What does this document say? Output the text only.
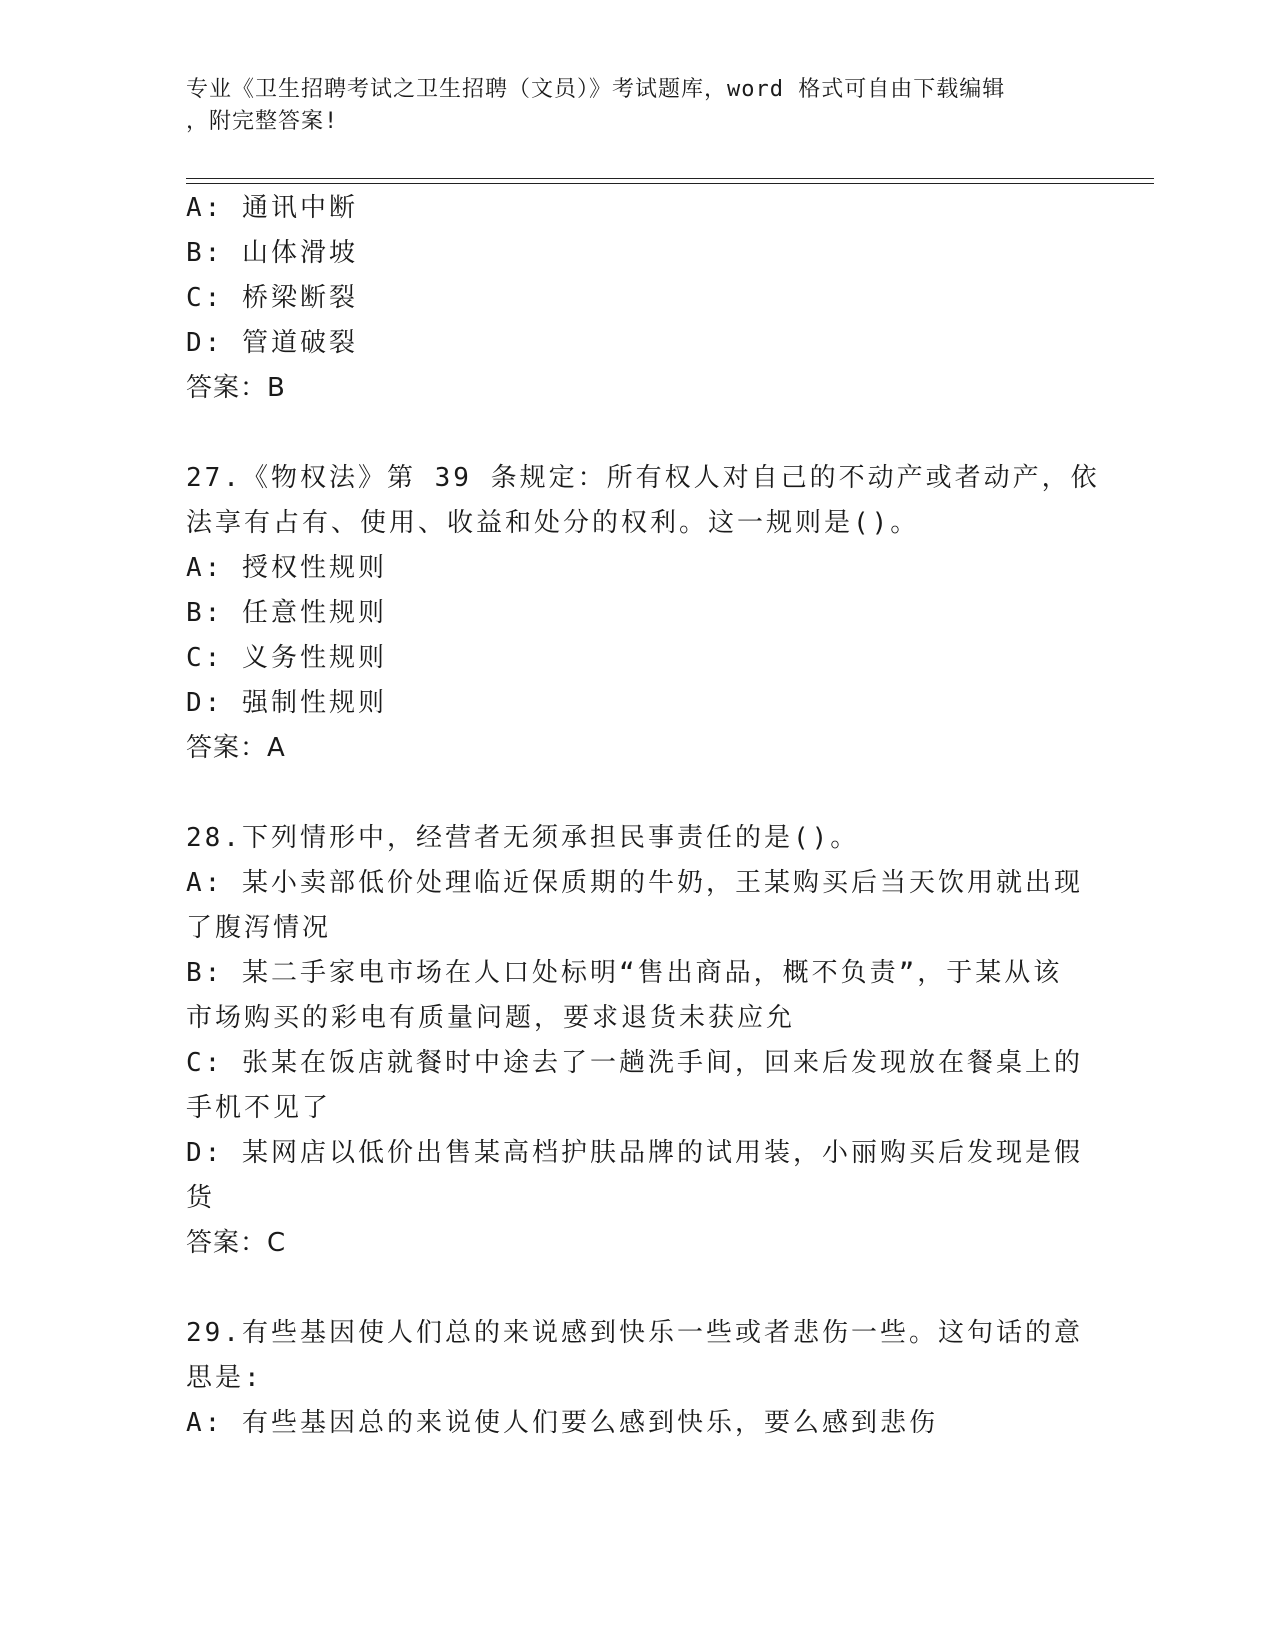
专业《卫生招聘考试之卫生招聘（文员）》考试题库，word 格式可自由下载编辑
，附完整答案!
A: 通讯中断
B: 山体滑坡
C: 桥梁断裂
D: 管道破裂
答案：B
27.《物权法》第 39 条规定：所有权人对自己的不动产或者动产，依
法享有占有、使用、收益和处分的权利。这一规则是()。
A: 授权性规则
B: 任意性规则
C: 义务性规则
D: 强制性规则
答案：A
28.下列情形中，经营者无须承担民事责任的是()。
A: 某小卖部低价处理临近保质期的牛奶，王某购买后当天饮用就出现
了腹泻情况
B: 某二手家电市场在人口处标明“售出商品，概不负责”，于某从该
市场购买的彩电有质量问题，要求退货未获应允
C: 张某在饭店就餐时中途去了一趟洗手间，回来后发现放在餐桌上的
手机不见了
D: 某网店以低价出售某高档护肤品牌的试用装，小丽购买后发现是假
货
答案：C
29.有些基因使人们总的来说感到快乐一些或者悲伤一些。这句话的意
思是:
A: 有些基因总的来说使人们要么感到快乐，要么感到悲伤
